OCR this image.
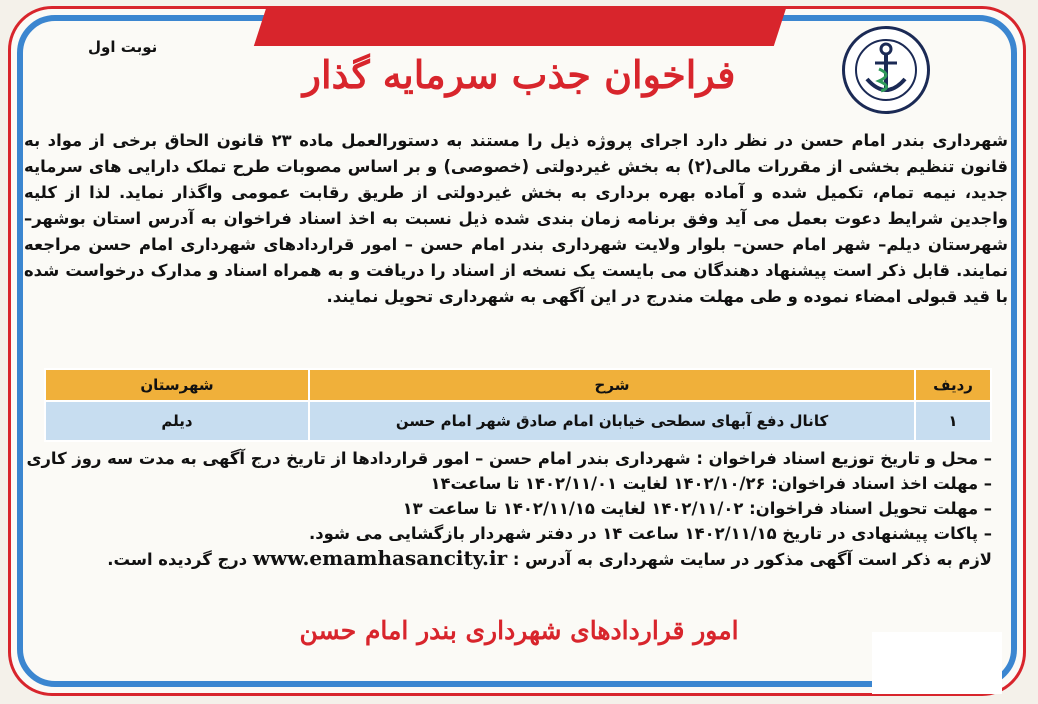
نوبت اول
فراخوان جذب سرمایه گذار
شهرداری بندر امام حسن در نظر دارد اجرای پروژه ذیل را مستند به دستورالعمل ماده ۲۳ قانون الحاق برخی از مواد به قانون تنظیم بخشی از مقررات مالی(۲) به بخش غیردولتی (خصوصی) و بر اساس مصوبات طرح تملک دارایی های سرمایه جدید، نیمه تمام، تکمیل شده و آماده بهره برداری به بخش غیردولتی از طریق رقابت عمومی واگذار نماید. لذا از کلیه واجدین شرایط دعوت بعمل می آید وفق برنامه زمان بندی شده ذیل نسبت به اخذ اسناد فراخوان به آدرس استان بوشهر– شهرستان دیلم– شهر امام حسن– بلوار ولایت شهرداری بندر امام حسن – امور قراردادهای شهرداری امام حسن مراجعه نمایند. قابل ذکر است پیشنهاد دهندگان می بایست یک نسخه از اسناد را دریافت و به همراه اسناد و مدارک درخواست شده با قید قبولی امضاء نموده و طی مهلت مندرج در این آگهی به شهرداری تحویل نمایند.
ردیف	شرح	شهرستان
۱	کانال دفع آبهای سطحی خیابان امام صادق شهر امام حسن	دیلم
– محل و تاریخ توزیع اسناد فراخوان : شهرداری بندر امام حسن – امور قراردادها از تاریخ درج آگهی به مدت سه روز کاری
– مهلت اخذ اسناد فراخوان: ۱۴۰۲/۱۰/۲۶ لغایت ۱۴۰۲/۱۱/۰۱ تا ساعت۱۴
– مهلت تحویل اسناد فراخوان: ۱۴۰۲/۱۱/۰۲ لغایت ۱۴۰۲/۱۱/۱۵ تا ساعت ۱۳
– پاکات پیشنهادی در تاریخ ۱۴۰۲/۱۱/۱۵ ساعت ۱۴ در دفتر شهردار بازگشایی می شود.
لازم به ذکر است آگهی مذکور در سایت شهرداری به آدرس : www.emamhasancity.ir درج گردیده است.
امور قراردادهای شهرداری بندر امام حسن
